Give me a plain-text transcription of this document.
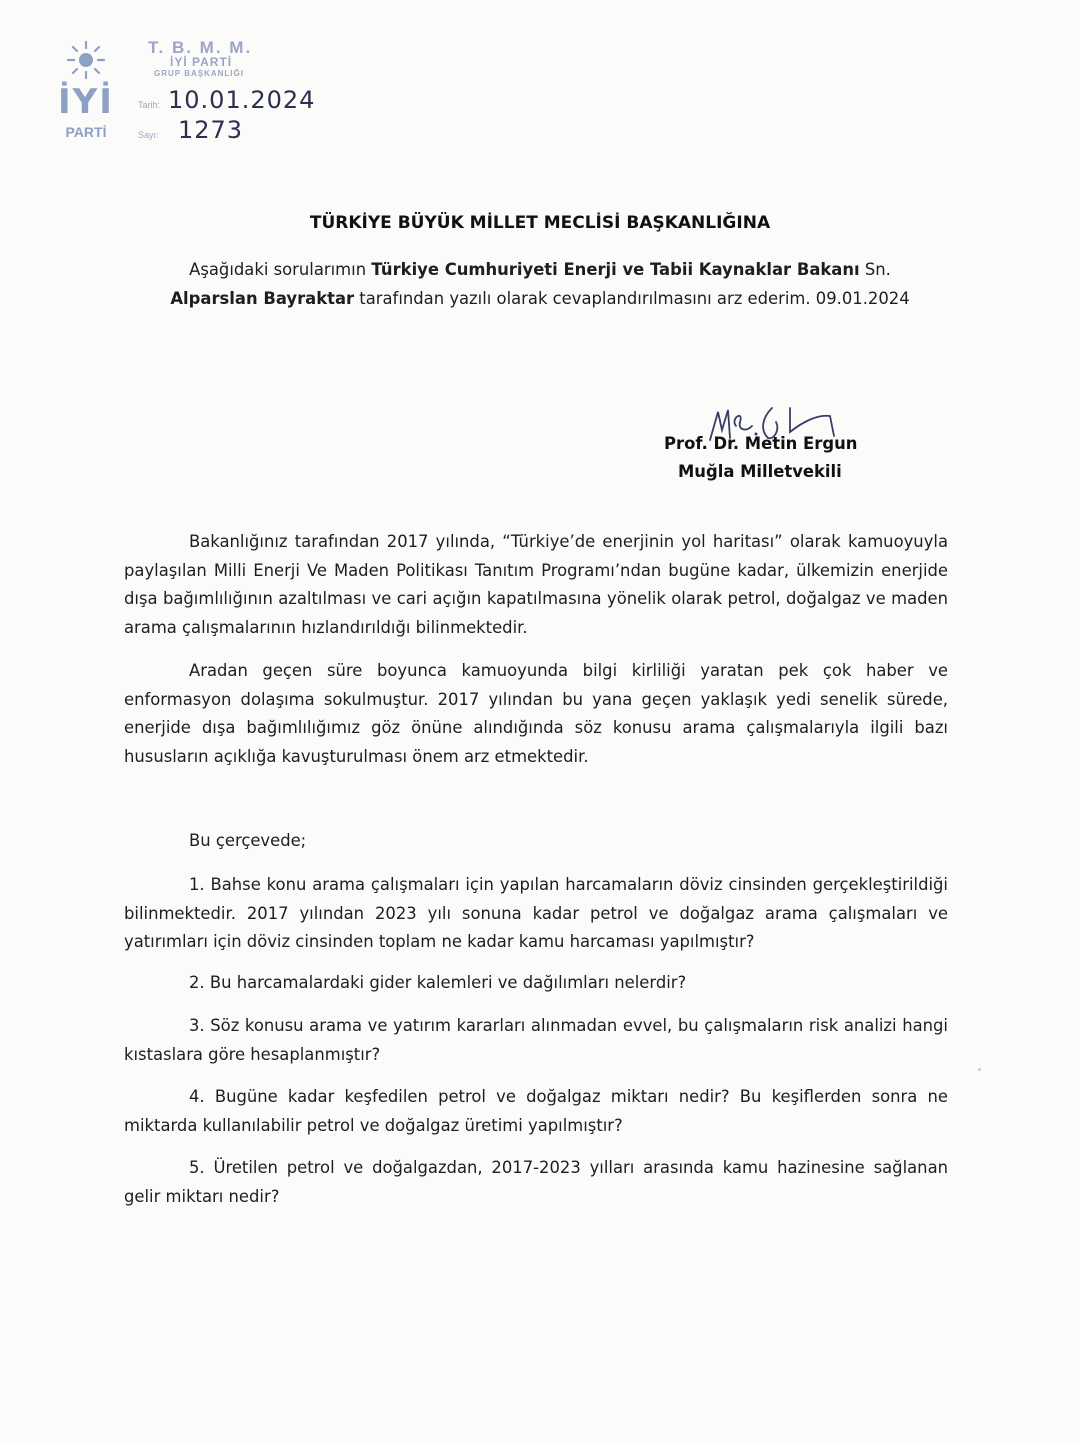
İYİ
PARTİ
T. B. M. M.
İYİ PARTİ
GRUP BAŞKANLIĞI
Tarih: 10.01.2024
Sayı: 1273
TÜRKİYE BÜYÜK MİLLET MECLİSİ BAŞKANLIĞINA
Aşağıdaki sorularımın Türkiye Cumhuriyeti Enerji ve Tabii Kaynaklar Bakanı Sn.
Alparslan Bayraktar tarafından yazılı olarak cevaplandırılmasını arz ederim. 09.01.2024
Prof. Dr. Metin Ergun
Muğla Milletvekili
Bakanlığınız tarafından 2017 yılında, “Türkiye’de enerjinin yol haritası” olarak kamuoyuyla paylaşılan Milli Enerji Ve Maden Politikası Tanıtım Programı’ndan bugüne kadar, ülkemizin enerjide dışa bağımlılığının azaltılması ve cari açığın kapatılmasına yönelik olarak petrol, doğalgaz ve maden arama çalışmalarının hızlandırıldığı bilinmektedir.
Aradan geçen süre boyunca kamuoyunda bilgi kirliliği yaratan pek çok haber ve enformasyon dolaşıma sokulmuştur. 2017 yılından bu yana geçen yaklaşık yedi senelik sürede, enerjide dışa bağımlılığımız göz önüne alındığında söz konusu arama çalışmalarıyla ilgili bazı hususların açıklığa kavuşturulması önem arz etmektedir.
Bu çerçevede;
1. Bahse konu arama çalışmaları için yapılan harcamaların döviz cinsinden gerçekleştirildiği bilinmektedir. 2017 yılından 2023 yılı sonuna kadar petrol ve doğalgaz arama çalışmaları ve yatırımları için döviz cinsinden toplam ne kadar kamu harcaması yapılmıştır?
2. Bu harcamalardaki gider kalemleri ve dağılımları nelerdir?
3. Söz konusu arama ve yatırım kararları alınmadan evvel, bu çalışmaların risk analizi hangi kıstaslara göre hesaplanmıştır?
4. Bugüne kadar keşfedilen petrol ve doğalgaz miktarı nedir? Bu keşiflerden sonra ne miktarda kullanılabilir petrol ve doğalgaz üretimi yapılmıştır?
5. Üretilen petrol ve doğalgazdan, 2017-2023 yılları arasında kamu hazinesine sağlanan gelir miktarı nedir?
